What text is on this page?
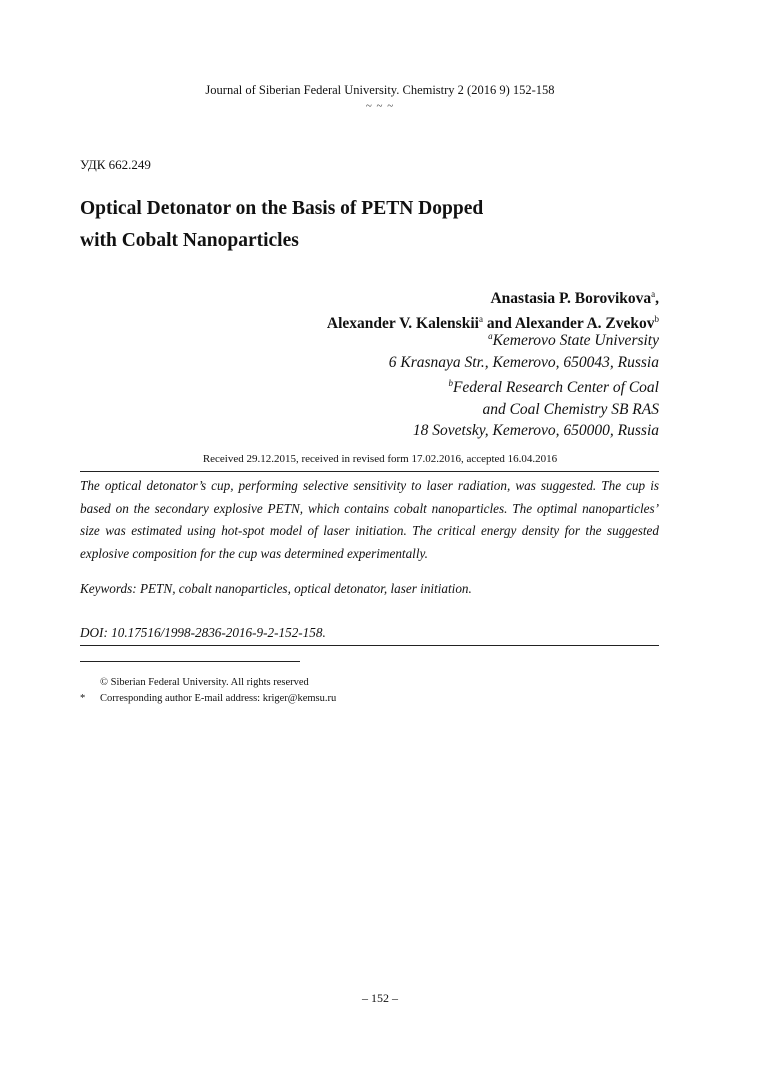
Journal of Siberian Federal University. Chemistry 2 (2016 9) 152-158
~ ~ ~
УДК 662.249
Optical Detonator on the Basis of PETN Dopped
with Cobalt Nanoparticles
Anastasia P. Borovikova$^a$,
Alexander V. Kalenskii$^a$ and Alexander A. Zvekov$^b$
$^a$Kemerovo State University
6 Krasnaya Str., Kemerovo, 650043, Russia
$^b$Federal Research Center of Coal
and Coal Chemistry SB RAS
18 Sovetsky, Kemerovo, 650000, Russia
Received 29.12.2015, received in revised form 17.02.2016, accepted 16.04.2016
The optical detonator’s cup, performing selective sensitivity to laser radiation, was suggested. The cup is based on the secondary explosive PETN, which contains cobalt nanoparticles. The optimal nanoparticles’ size was estimated using hot-spot model of laser initiation. The critical energy density for the suggested explosive composition for the cup was determined experimentally.
Keywords: PETN, cobalt nanoparticles, optical detonator, laser initiation.
DOI: 10.17516/1998-2836-2016-9-2-152-158.
© Siberian Federal University. All rights reserved
* Corresponding author E-mail address: kriger@kemsu.ru
– 152 –
